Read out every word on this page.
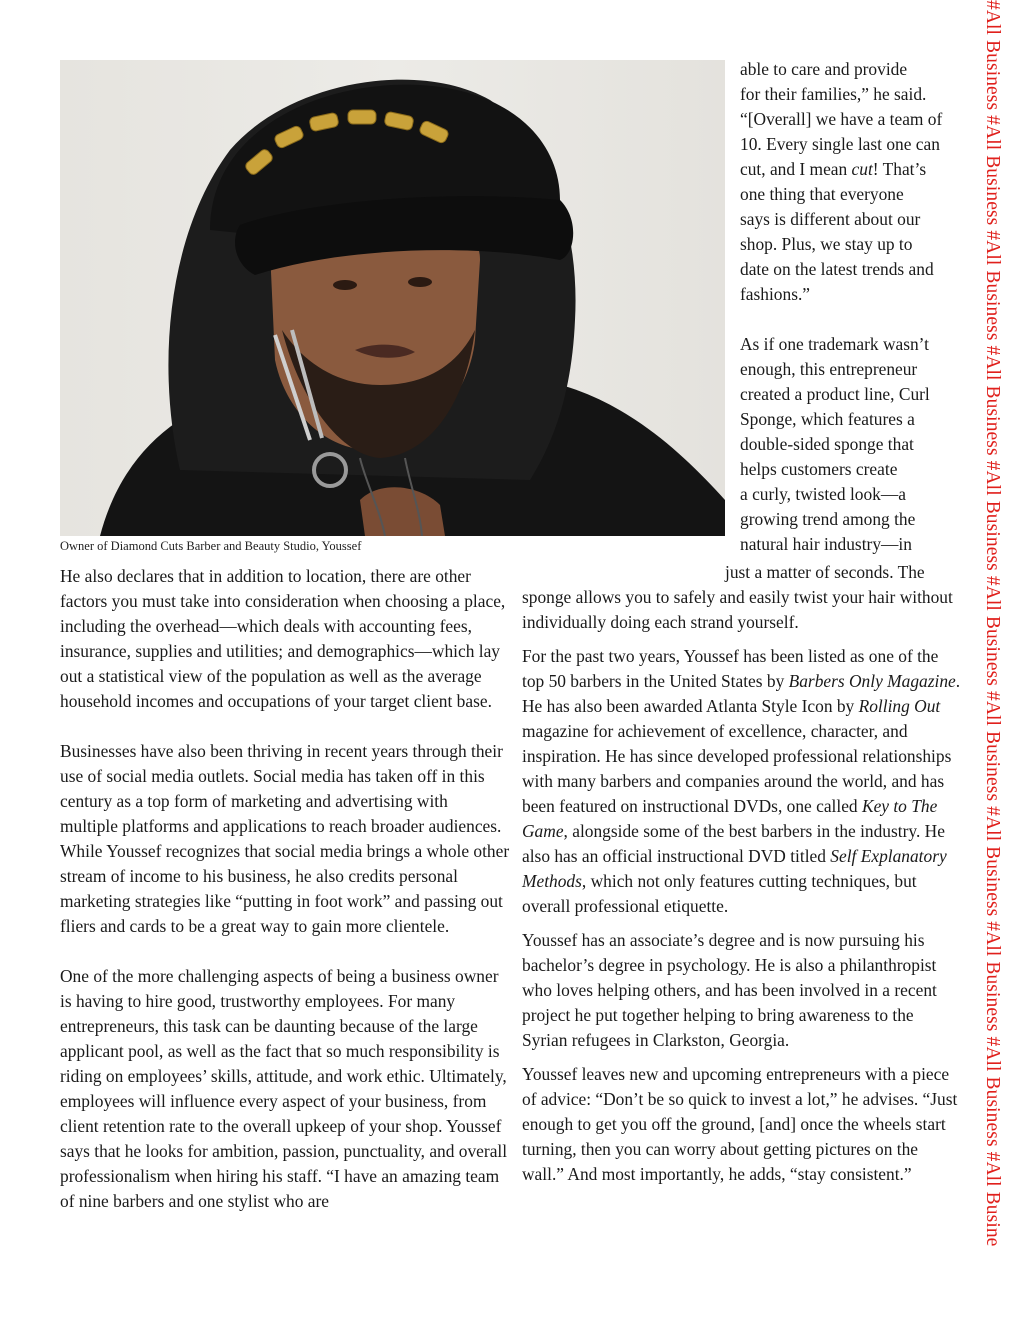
Owner of Diamond Cuts Barber and Beauty Studio, Youssef

able to care and provide

for their families,” he said.

“[Overall] we have a team of

10. Every single last one can

cut, and I mean cut! That’s

one thing that everyone

says is different about our

shop. Plus, we stay up to

date on the latest trends and

fashions.”

As if one trademark wasn’t

enough, this entrepreneur

created a product line, Curl

Sponge, which features a

double-sided sponge that

helps customers create

a curly, twisted look—a

growing trend among the

natural hair industry—in

just a matter of seconds. The

He also declares that in addition to location, there are other factors you must take into consideration when choosing a place, including the overhead—which deals with accounting fees, insurance, supplies and utilities; and demographics—which lay out a statistical view of the population as well as the average household incomes and occupations of your target client base.

Businesses have also been thriving in recent years through their use of social media outlets. Social media has taken off in this century as a top form of marketing and advertising with multiple platforms and applications to reach broader audiences. While Youssef recognizes that social media brings a whole other stream of income to his business, he also credits personal marketing strategies like “putting in foot work” and passing out fliers and cards to be a great way to gain more clientele.

One of the more challenging aspects of being a business owner is having to hire good, trustworthy employees. For many entrepreneurs, this task can be daunting because of the large applicant pool, as well as the fact that so much responsibility is riding on employees’ skills, attitude, and work ethic. Ultimately, employees will influence every aspect of your business, from client retention rate to the overall upkeep of your shop. Youssef says that he looks for ambition, passion, punctuality, and overall professionalism when hiring his staff. “I have an amazing team of nine barbers and one stylist who are

sponge allows you to safely and easily twist your hair without individually doing each strand yourself.

For the past two years, Youssef has been listed as one of the top 50 barbers in the United States by Barbers Only Magazine. He has also been awarded Atlanta Style Icon by Rolling Out magazine for achievement of excellence, character, and inspiration. He has since developed professional relationships with many barbers and companies around the world, and has been featured on instructional DVDs, one called Key to The Game, alongside some of the best barbers in the industry. He also has an official instructional DVD titled Self Explanatory Methods, which not only features cutting techniques, but overall professional etiquette.

Youssef has an associate’s degree and is now pursuing his bachelor’s degree in psychology. He is also a philanthropist who loves helping others, and has been involved in a recent project he put together helping to bring awareness to the Syrian refugees in Clarkston, Georgia.

Youssef leaves new and upcoming entrepreneurs with a piece of advice: “Don’t be so quick to invest a lot,” he advises. “Just enough to get you off the ground, [and] once the wheels start turning, then you can worry about getting pictures on the wall.” And most importantly, he adds, “stay consistent.”	#All Business #All Business #All Business #All Business #All Business #All Business #All Business #All Business #All Business #All Business #All Busine
